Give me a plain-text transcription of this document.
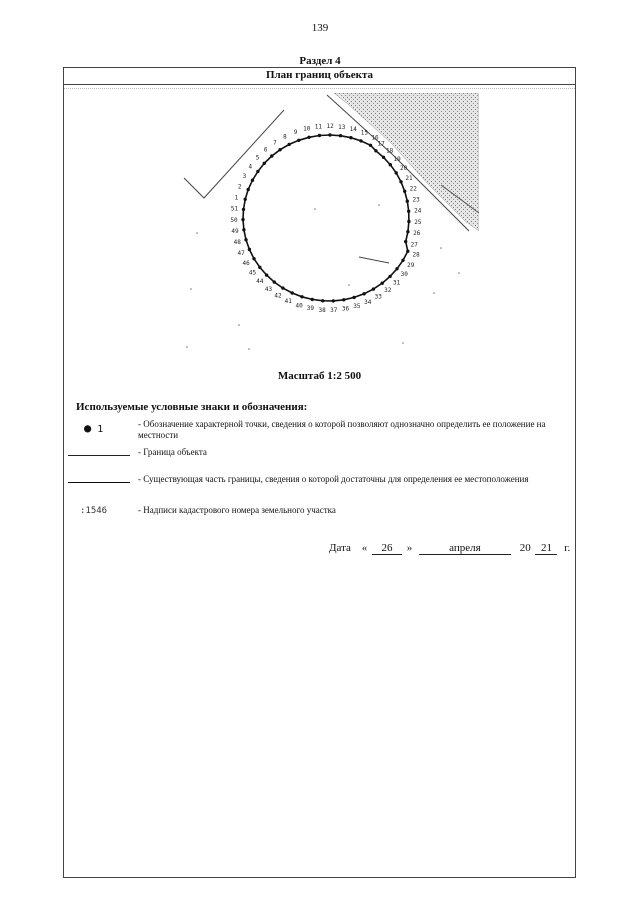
139
Раздел 4
План границ объекта
1
2
3
4
5
6
7
8
9 10 11 12 13 14 15
16
17
18
19
20
21
22
23
24
25
26
27
28
29
30
31
32
33
34
35
36
37
38
39
40
41
42
43
44
45
46
47
48
49
50
51
Масштаб 1:2 500
Используемые условные знаки и обозначения:
● 1	- Обозначение характерной точки, сведения о которой позволяют однозначно определить ее положение на местности
- Граница объекта
- Существующая часть границы, сведения о которой достаточны для определения ее местоположения
:1546	- Надписи кадастрового номера земельного участка
Дата « 26 »	апреля	20 21 г.
